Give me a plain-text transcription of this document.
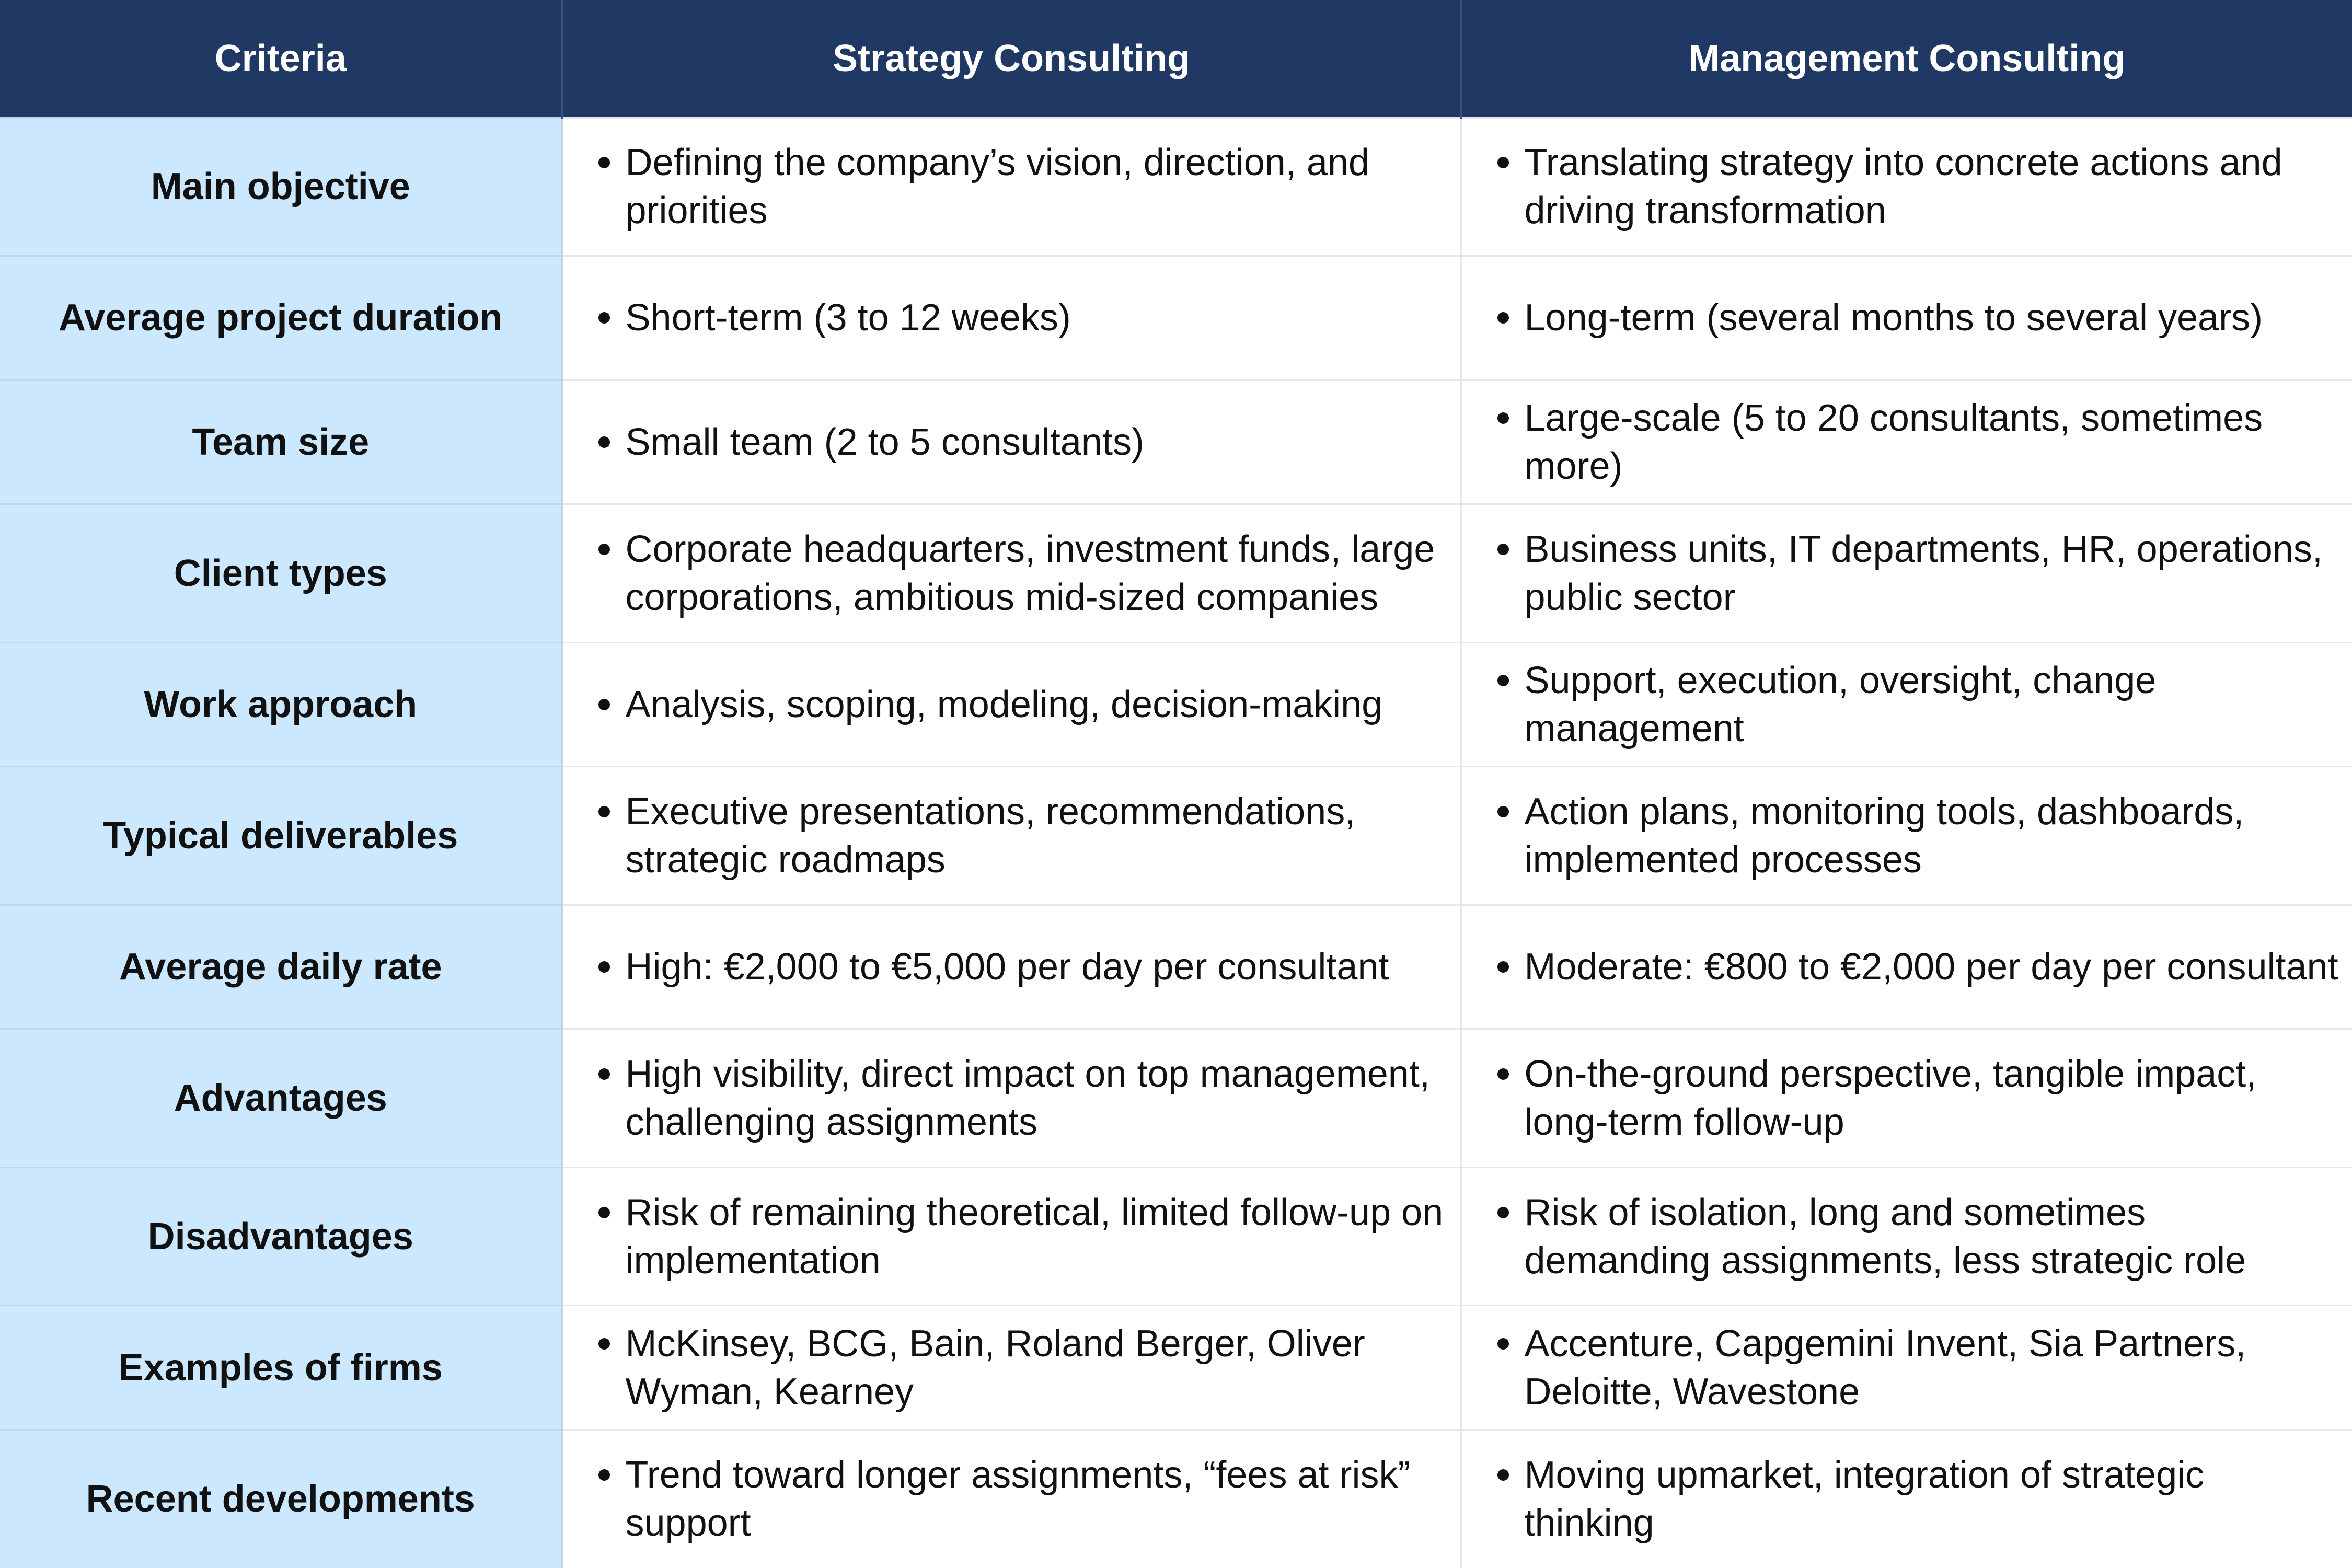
Criteria	Strategy Consulting	Management Consulting
Main objective	Defining the company’s vision, direction, and priorities	Translating strategy into concrete actions and driving transformation

Average project duration	Short-term (3 to 12 weeks)	Long-term (several months to several years)

Team size	Small team (2 to 5 consultants)	Large-scale (5 to 20 consultants, sometimes more)

Client types	Corporate headquarters, investment funds, large corporations, ambitious mid-sized companies	Business units, IT departments, HR, operations, public sector

Work approach	Analysis, scoping, modeling, decision-making	Support, execution, oversight, change management

Typical deliverables	Executive presentations, recommendations, strategic roadmaps	Action plans, monitoring tools, dashboards, implemented processes

Average daily rate	High: €2,000 to €5,000 per day per consultant	Moderate: €800 to €2,000 per day per consultant

Advantages	High visibility, direct impact on top management, challenging assignments	On-the-ground perspective, tangible impact, long-term follow-up

Disadvantages	Risk of remaining theoretical, limited follow-up on implementation	Risk of isolation, long and sometimes demanding assignments, less strategic role

Examples of firms	McKinsey, BCG, Bain, Roland Berger, Oliver Wyman, Kearney	Accenture, Capgemini Invent, Sia Partners, Deloitte, Wavestone

Recent developments	Trend toward longer assignments, “fees at risk” support	Moving upmarket, integration of strategic thinking
